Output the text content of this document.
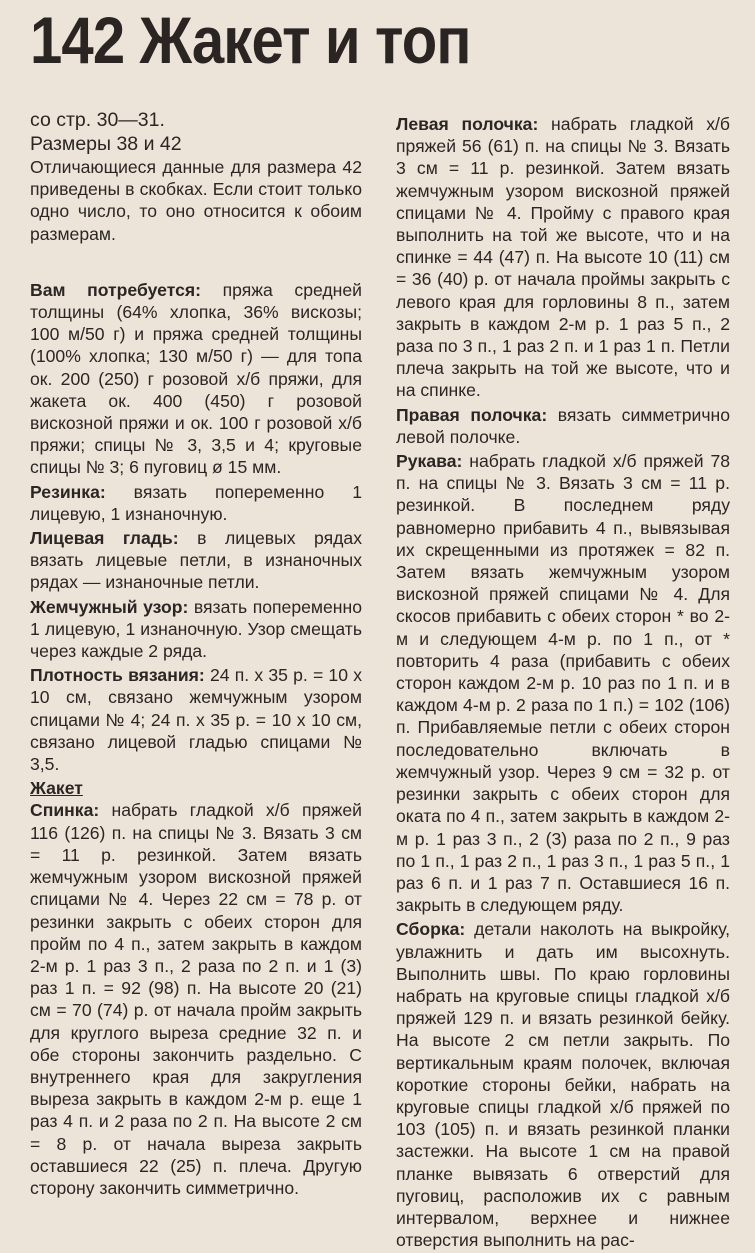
142 Жакет и топ

со стр. 30—31.

Размеры 38 и 42

Отличающиеся данные для размера 42 приведены в скобках. Если стоит только одно число, то оно относится к обоим размерам.

Вам потребуется: пряжа средней толщины (64% хлопка, 36% вискозы; 100 м/50 г) и пряжа средней толщины (100% хлопка; 130 м/50 г) — для топа ок. 200 (250) г розовой х/б пряжи, для жакета ок. 400 (450) г розовой вискозной пряжи и ок. 100 г розовой х/б пряжи; спицы № 3, 3,5 и 4; круговые спицы № 3; 6 пуговиц ø 15 мм.

Резинка: вязать попеременно 1 лицевую, 1 изнаночную.

Лицевая гладь: в лицевых рядах вязать лицевые петли, в изнаночных рядах — изнаночные петли.

Жемчужный узор: вязать попеременно 1 лицевую, 1 изнаночную. Узор смещать через каждые 2 ряда.

Плотность вязания: 24 п. x 35 р. = 10 x 10 см, связано жемчужным узором спицами № 4; 24 п. x 35 р. = 10 x 10 см, связано лицевой гладью спицами № 3,5.

Жакет

Спинка: набрать гладкой х/б пряжей 116 (126) п. на спицы № 3. Вязать 3 см = 11 р. резинкой. Затем вязать жемчужным узором вискозной пряжей спицами № 4. Через 22 см = 78 р. от резинки закрыть с обеих сторон для пройм по 4 п., затем закрыть в каждом 2-м р. 1 раз 3 п., 2 раза по 2 п. и 1 (3) раз 1 п. = 92 (98) п. На высоте 20 (21) см = 70 (74) р. от начала пройм закрыть для круглого выреза средние 32 п. и обе стороны закончить раздельно. С внутреннего края для закругления выреза закрыть в каждом 2-м р. еще 1 раз 4 п. и 2 раза по 2 п. На высоте 2 см = 8 р. от начала выреза закрыть оставшиеся 22 (25) п. плеча. Другую сторону закончить симметрично.

Левая полочка: набрать гладкой х/б пряжей 56 (61) п. на спицы № 3. Вязать 3 см = 11 р. резинкой. Затем вязать жемчужным узором вискозной пряжей спицами № 4. Пройму с правого края выполнить на той же высоте, что и на спинке = 44 (47) п. На высоте 10 (11) см = 36 (40) р. от начала проймы закрыть с левого края для горловины 8 п., затем закрыть в каждом 2-м р. 1 раз 5 п., 2 раза по 3 п., 1 раз 2 п. и 1 раз 1 п. Петли плеча закрыть на той же высоте, что и на спинке.

Правая полочка: вязать симметрично левой полочке.

Рукава: набрать гладкой х/б пряжей 78 п. на спицы № 3. Вязать 3 см = 11 р. резинкой. В последнем ряду равномерно прибавить 4 п., вывязывая их скрещенными из протяжек = 82 п. Затем вязать жемчужным узором вискозной пряжей спицами № 4. Для скосов прибавить с обеих сторон * во 2-м и следующем 4-м р. по 1 п., от * повторить 4 раза (прибавить с обеих сторон каждом 2-м р. 10 раз по 1 п. и в каждом 4-м р. 2 раза по 1 п.) = 102 (106) п. Прибавляемые петли с обеих сторон последовательно включать в жемчужный узор. Через 9 см = 32 р. от резинки закрыть с обеих сторон для оката по 4 п., затем закрыть в каждом 2-м р. 1 раз 3 п., 2 (3) раза по 2 п., 9 раз по 1 п., 1 раз 2 п., 1 раз 3 п., 1 раз 5 п., 1 раз 6 п. и 1 раз 7 п. Оставшиеся 16 п. закрыть в следующем ряду.

Сборка: детали наколоть на выкройку, увлажнить и дать им высохнуть. Выполнить швы. По краю горловины набрать на круговые спицы гладкой х/б пряжей 129 п. и вязать резинкой бейку. На высоте 2 см петли закрыть. По вертикальным краям полочек, включая короткие стороны бейки, набрать на круговые спицы гладкой х/б пряжей по 103 (105) п. и вязать резинкой планки застежки. На высоте 1 см на правой планке вывязать 6 отверстий для пуговиц, расположив их с равным интервалом, верхнее и нижнее отверстия выполнить на рас-
